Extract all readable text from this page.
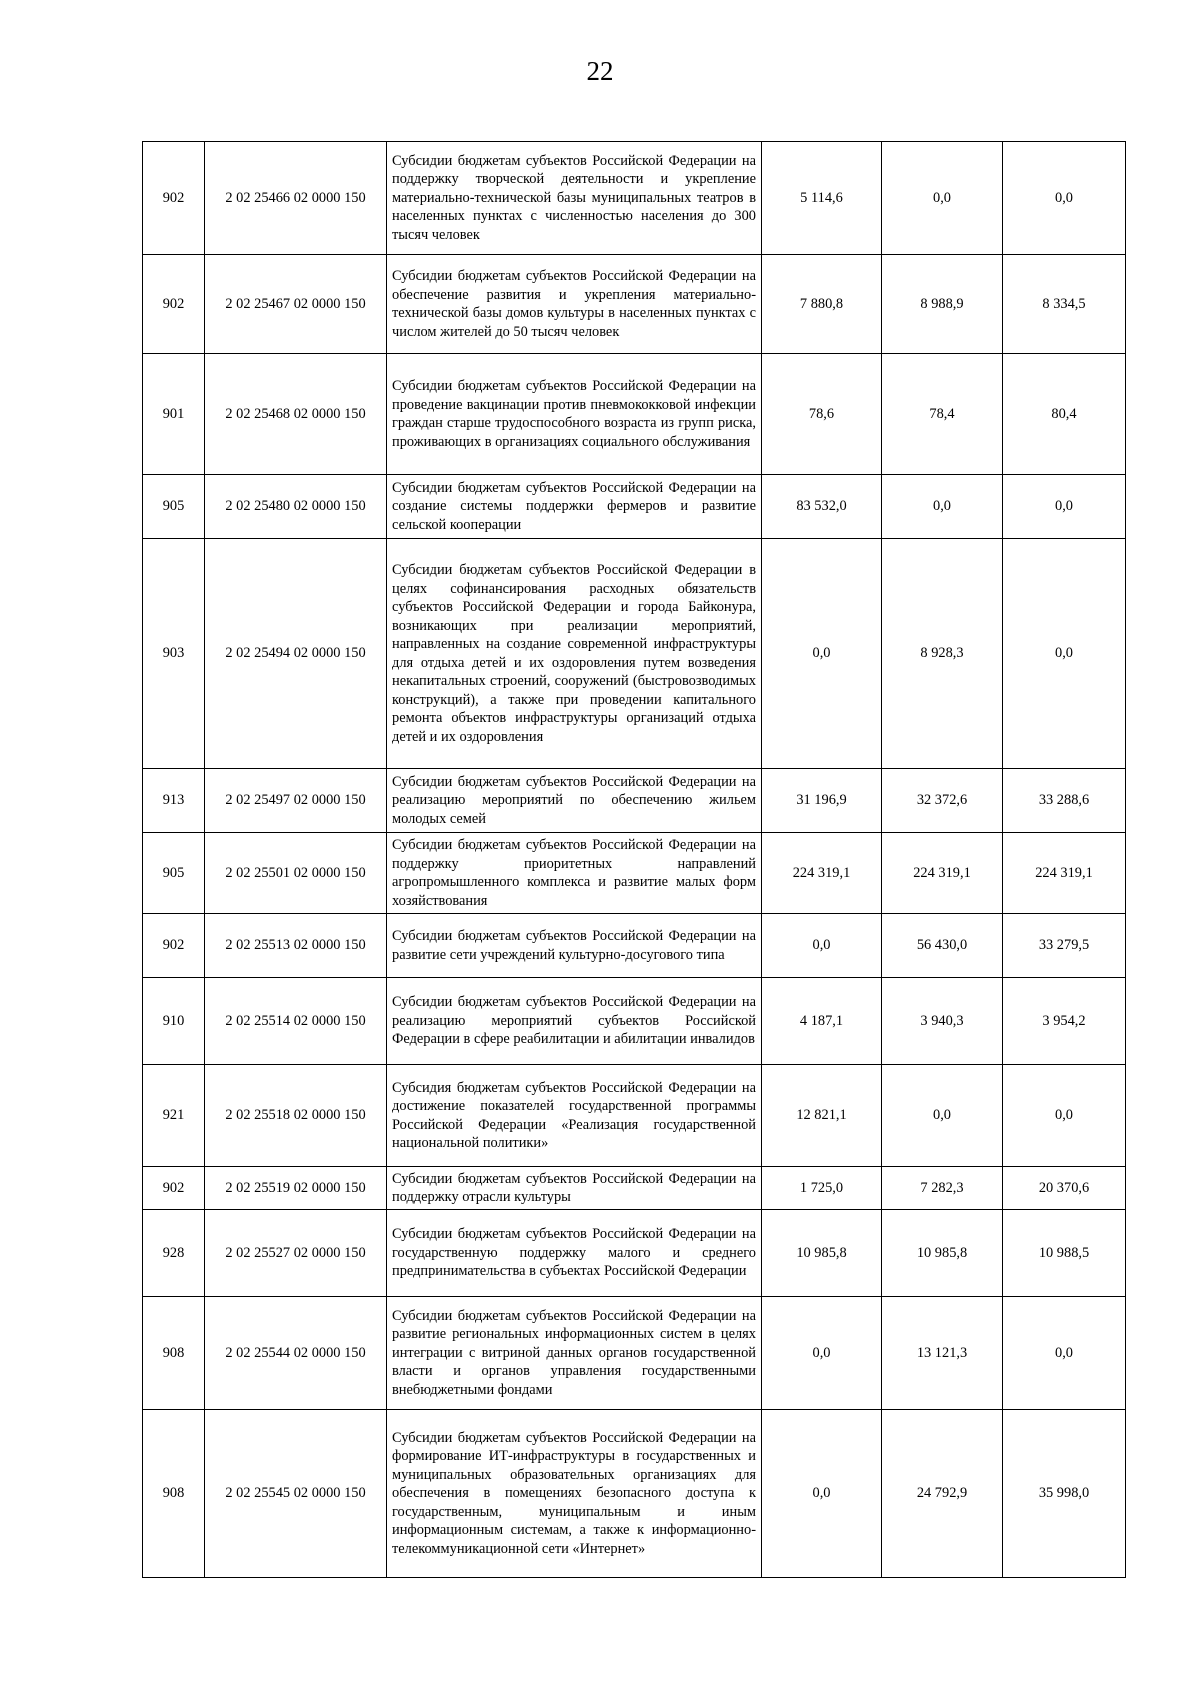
22
902	2 02 25466 02 0000 150	Субсидии бюджетам субъектов Российской Федерации на поддержку творческой деятельности и укрепление материально-технической базы муниципальных театров в населенных пунктах с численностью населения до 300 тысяч человек	5 114,6	0,0	0,0
902	2 02 25467 02 0000 150	Субсидии бюджетам субъектов Российской Федерации на обеспечение развития и укрепления материально-технической базы домов культуры в населенных пунктах с числом жителей до 50 тысяч человек	7 880,8	8 988,9	8 334,5
901	2 02 25468 02 0000 150	Субсидии бюджетам субъектов Российской Федерации на проведение вакцинации против пневмококковой инфекции граждан старше трудоспособного возраста из групп риска, проживающих в организациях социального обслуживания	78,6	78,4	80,4
905	2 02 25480 02 0000 150	Субсидии бюджетам субъектов Российской Федерации на создание системы поддержки фермеров и развитие сельской кооперации	83 532,0	0,0	0,0
903	2 02 25494 02 0000 150	Субсидии бюджетам субъектов Российской Федерации в целях софинансирования расходных обязательств субъектов Российской Федерации и города Байконура, возникающих при реализации мероприятий, направленных на создание современной инфраструктуры для отдыха детей и их оздоровления путем возведения некапитальных строений, сооружений (быстровозводимых конструкций), а также при проведении капитального ремонта объектов инфраструктуры организаций отдыха детей и их оздоровления	0,0	8 928,3	0,0
913	2 02 25497 02 0000 150	Субсидии бюджетам субъектов Российской Федерации на реализацию мероприятий по обеспечению жильем молодых семей	31 196,9	32 372,6	33 288,6
905	2 02 25501 02 0000 150	Субсидии бюджетам субъектов Российской Федерации на поддержку приоритетных направлений агропромышленного комплекса и развитие малых форм хозяйствования	224 319,1	224 319,1	224 319,1
902	2 02 25513 02 0000 150	Субсидии бюджетам субъектов Российской Федерации на развитие сети учреждений культурно-досугового типа	0,0	56 430,0	33 279,5
910	2 02 25514 02 0000 150	Субсидии бюджетам субъектов Российской Федерации на реализацию мероприятий субъектов Российской Федерации в сфере реабилитации и абилитации инвалидов	4 187,1	3 940,3	3 954,2
921	2 02 25518 02 0000 150	Субсидия бюджетам субъектов Российской Федерации на достижение показателей государственной программы Российской Федерации «Реализация государственной национальной политики»	12 821,1	0,0	0,0
902	2 02 25519 02 0000 150	Субсидии бюджетам субъектов Российской Федерации на поддержку отрасли культуры	1 725,0	7 282,3	20 370,6
928	2 02 25527 02 0000 150	Субсидии бюджетам субъектов Российской Федерации на государственную поддержку малого и среднего предпринимательства в субъектах Российской Федерации	10 985,8	10 985,8	10 988,5
908	2 02 25544 02 0000 150	Субсидии бюджетам субъектов Российской Федерации на развитие региональных информационных систем в целях интеграции с витриной данных органов государственной власти и органов управления государственными внебюджетными фондами	0,0	13 121,3	0,0
908	2 02 25545 02 0000 150	Субсидии бюджетам субъектов Российской Федерации на формирование ИТ-инфраструктуры в государственных и муниципальных образовательных организациях для обеспечения в помещениях безопасного доступа к государственным, муниципальным и иным информационным системам, а также к информационно-телекоммуникационной сети «Интернет»	0,0	24 792,9	35 998,0
